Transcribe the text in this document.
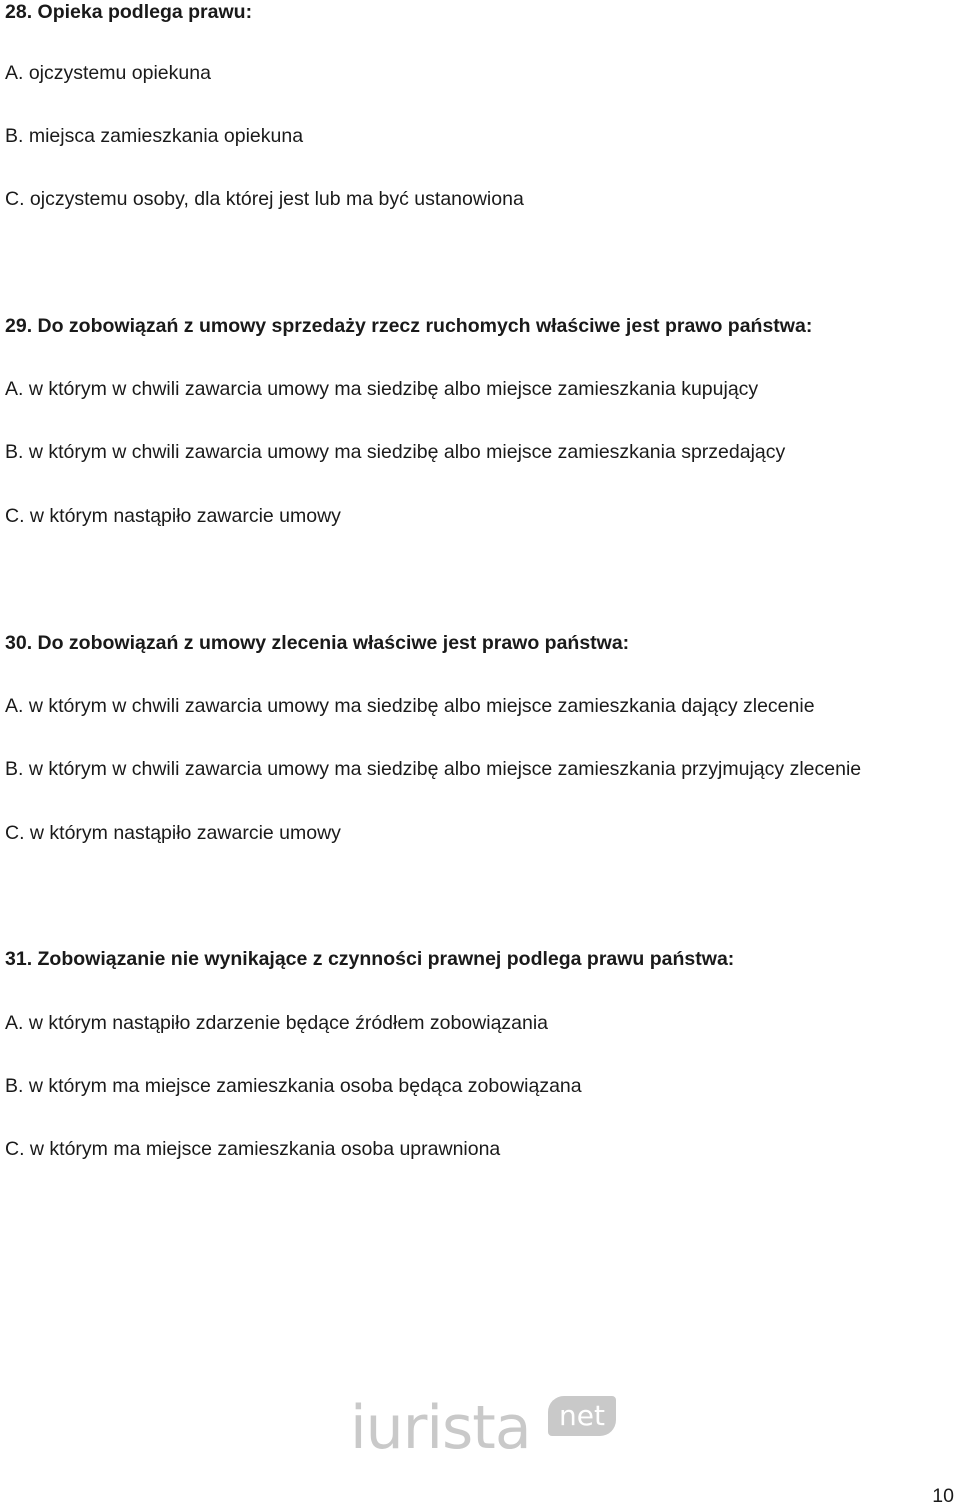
28. Opieka podlega prawu:
A. ojczystemu opiekuna
B. miejsca zamieszkania opiekuna
C. ojczystemu osoby, dla której jest lub ma być ustanowiona
29. Do zobowiązań z umowy sprzedaży rzecz ruchomych właściwe jest prawo państwa:
A. w którym w chwili zawarcia umowy ma siedzibę albo miejsce zamieszkania kupujący
B. w którym w chwili zawarcia umowy ma siedzibę albo miejsce zamieszkania sprzedający
C. w którym nastąpiło zawarcie umowy
30. Do zobowiązań z umowy zlecenia właściwe jest prawo państwa:
A. w którym w chwili zawarcia umowy ma siedzibę albo miejsce zamieszkania dający zlecenie
B. w którym w chwili zawarcia umowy ma siedzibę albo miejsce zamieszkania przyjmujący zlecenie
C. w którym nastąpiło zawarcie umowy
31. Zobowiązanie nie wynikające z czynności prawnej podlega prawu państwa:
A. w którym nastąpiło zdarzenie będące źródłem zobowiązania
B. w którym ma miejsce zamieszkania osoba będąca zobowiązana
C. w którym ma miejsce zamieszkania osoba uprawniona
iurista	net
10
